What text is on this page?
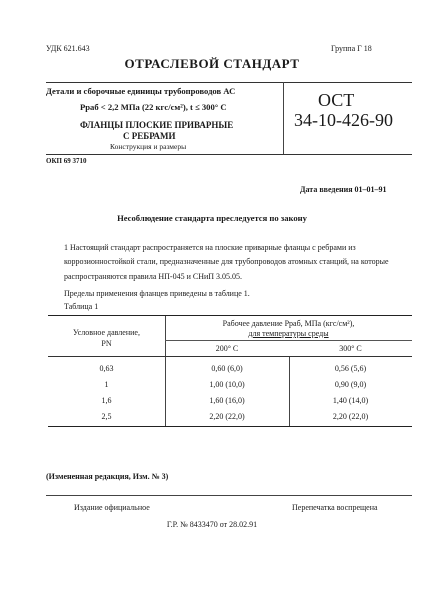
УДК 621.643	Группа Г 18
ОТРАСЛЕВОЙ СТАНДАРТ
Детали и сборочные единицы трубопроводов АС
Рраб < 2,2 МПа (22 кгс/см²), t ≤ 300° С
ФЛАНЦЫ ПЛОСКИЕ ПРИВАРНЫЕ
С РЕБРАМИ
Конструкция и размеры
ОСТ
34-10-426-90
ОКП 69 3710
Дата введения 01–01–91
Несоблюдение стандарта преследуется по закону
1 Настоящий стандарт распространяется на плоские приварные фланцы с ребрами из
коррозионностойкой стали, предназначенные для трубопроводов атомных станций, на которые
распространяются правила НП-045 и СНиП 3.05.05.
Пределы применения фланцев приведены в таблице 1.
Таблица 1
Условное давление,
PN
Рабочее давление Рраб, МПа (кгс/см²),
для температуры среды
200° С	300° С
0,63	0,60 (6,0)	0,56 (5,6)
1	1,00 (10,0)	0,90 (9,0)
1,6	1,60 (16,0)	1,40 (14,0)
2,5	2,20 (22,0)	2,20 (22,0)
(Измененная редакция, Изм. № 3)
Издание официальное	Перепечатка воспрещена
Г.Р. № 8433470 от 28.02.91
